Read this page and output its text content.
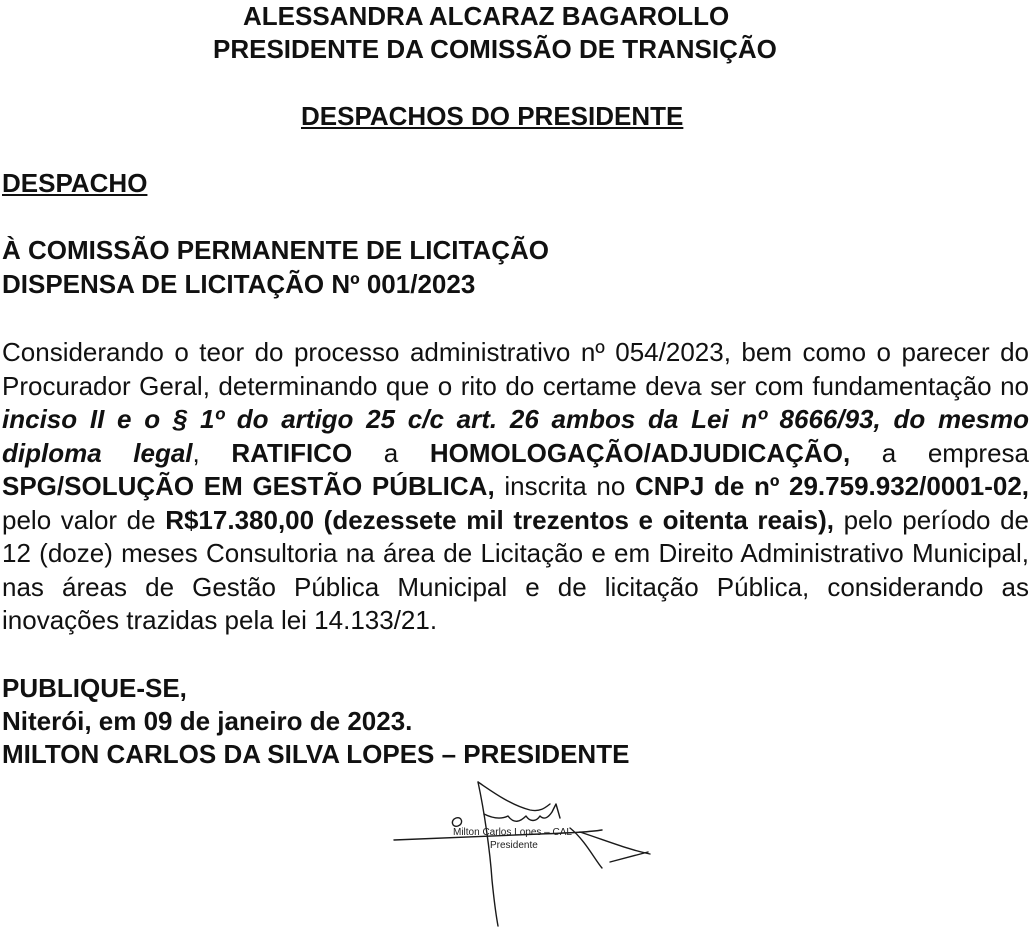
ALESSANDRA ALCARAZ BAGAROLLO
PRESIDENTE DA COMISSÃO DE TRANSIÇÃO
DESPACHOS DO PRESIDENTE
DESPACHO
À COMISSÃO PERMANENTE DE LICITAÇÃO
DISPENSA DE LICITAÇÃO Nº 001/2023
Considerando o teor do processo administrativo nº 054/2023, bem como o parecer do Procurador Geral, determinando que o rito do certame deva ser com fundamentação no inciso II e o § 1º do artigo 25 c/c art. 26 ambos da Lei nº 8666/93, do mesmo diploma legal, RATIFICO a HOMOLOGAÇÃO/ADJUDICAÇÃO, a empresa SPG/SOLUÇÃO EM GESTÃO PÚBLICA, inscrita no CNPJ de nº 29.759.932/0001-02, pelo valor de R$17.380,00 (dezessete mil trezentos e oitenta reais), pelo período de 12 (doze) meses Consultoria na área de Licitação e em Direito Administrativo Municipal, nas áreas de Gestão Pública Municipal e de licitação Pública, considerando as inovações trazidas pela lei 14.133/21.
PUBLIQUE-SE,
Niterói, em 09 de janeiro de 2023.
MILTON CARLOS DA SILVA LOPES – PRESIDENTE
Milton Carlos Lopes – CAL
Presidente
